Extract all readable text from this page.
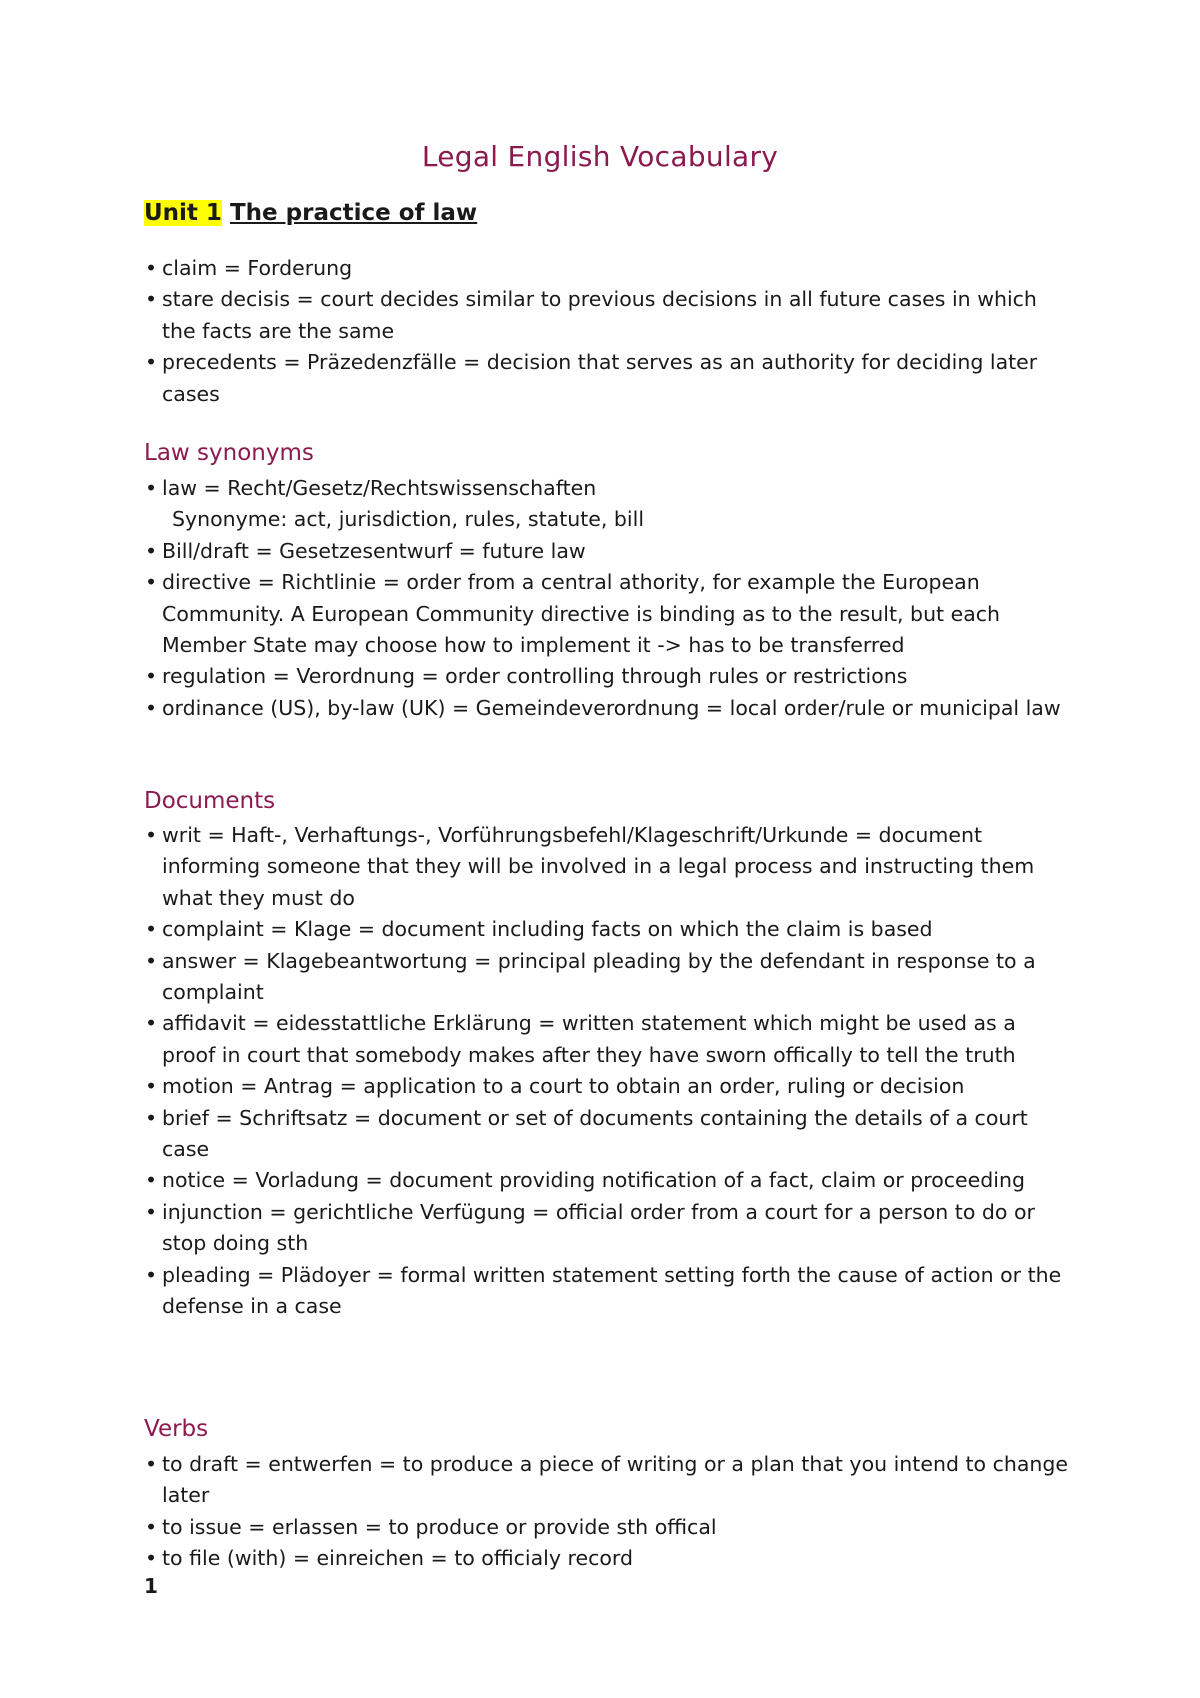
Legal English Vocabulary
Unit 1 The practice of law
• claim = Forderung
• stare decisis = court decides similar to previous decisions in all future cases in which the facts are the same
• precedents = Präzedenzfälle = decision that serves as an authority for deciding later cases
Law synonyms
• law = Recht/Gesetz/Rechtswissenschaften
Synonyme: act, jurisdiction, rules, statute, bill
• Bill/draft = Gesetzesentwurf = future law
• directive = Richtlinie = order from a central athority, for example the European Community. A European Community directive is binding as to the result, but each Member State may choose how to implement it -> has to be transferred
• regulation = Verordnung = order controlling through rules or restrictions
• ordinance (US), by-law (UK) = Gemeindeverordnung = local order/rule or municipal law
Documents
• writ = Haft-, Verhaftungs-, Vorführungsbefehl/Klageschrift/Urkunde = document informing someone that they will be involved in a legal process and instructing them what they must do
• complaint = Klage = document including facts on which the claim is based
• answer = Klagebeantwortung = principal pleading by the defendant in response to a complaint
• affidavit = eidesstattliche Erklärung = written statement which might be used as a proof in court that somebody makes after they have sworn offically to tell the truth
• motion = Antrag = application to a court to obtain an order, ruling or decision
• brief = Schriftsatz = document or set of documents containing the details of a court case
• notice = Vorladung = document providing notification of a fact, claim or proceeding
• injunction = gerichtliche Verfügung = official order from a court for a person to do or stop doing sth
• pleading = Plädoyer = formal written statement setting forth the cause of action or the defense in a case
Verbs
• to draft = entwerfen = to produce a piece of writing or a plan that you intend to change later
• to issue = erlassen = to produce or provide sth offical
• to file (with) = einreichen = to officialy record
1
